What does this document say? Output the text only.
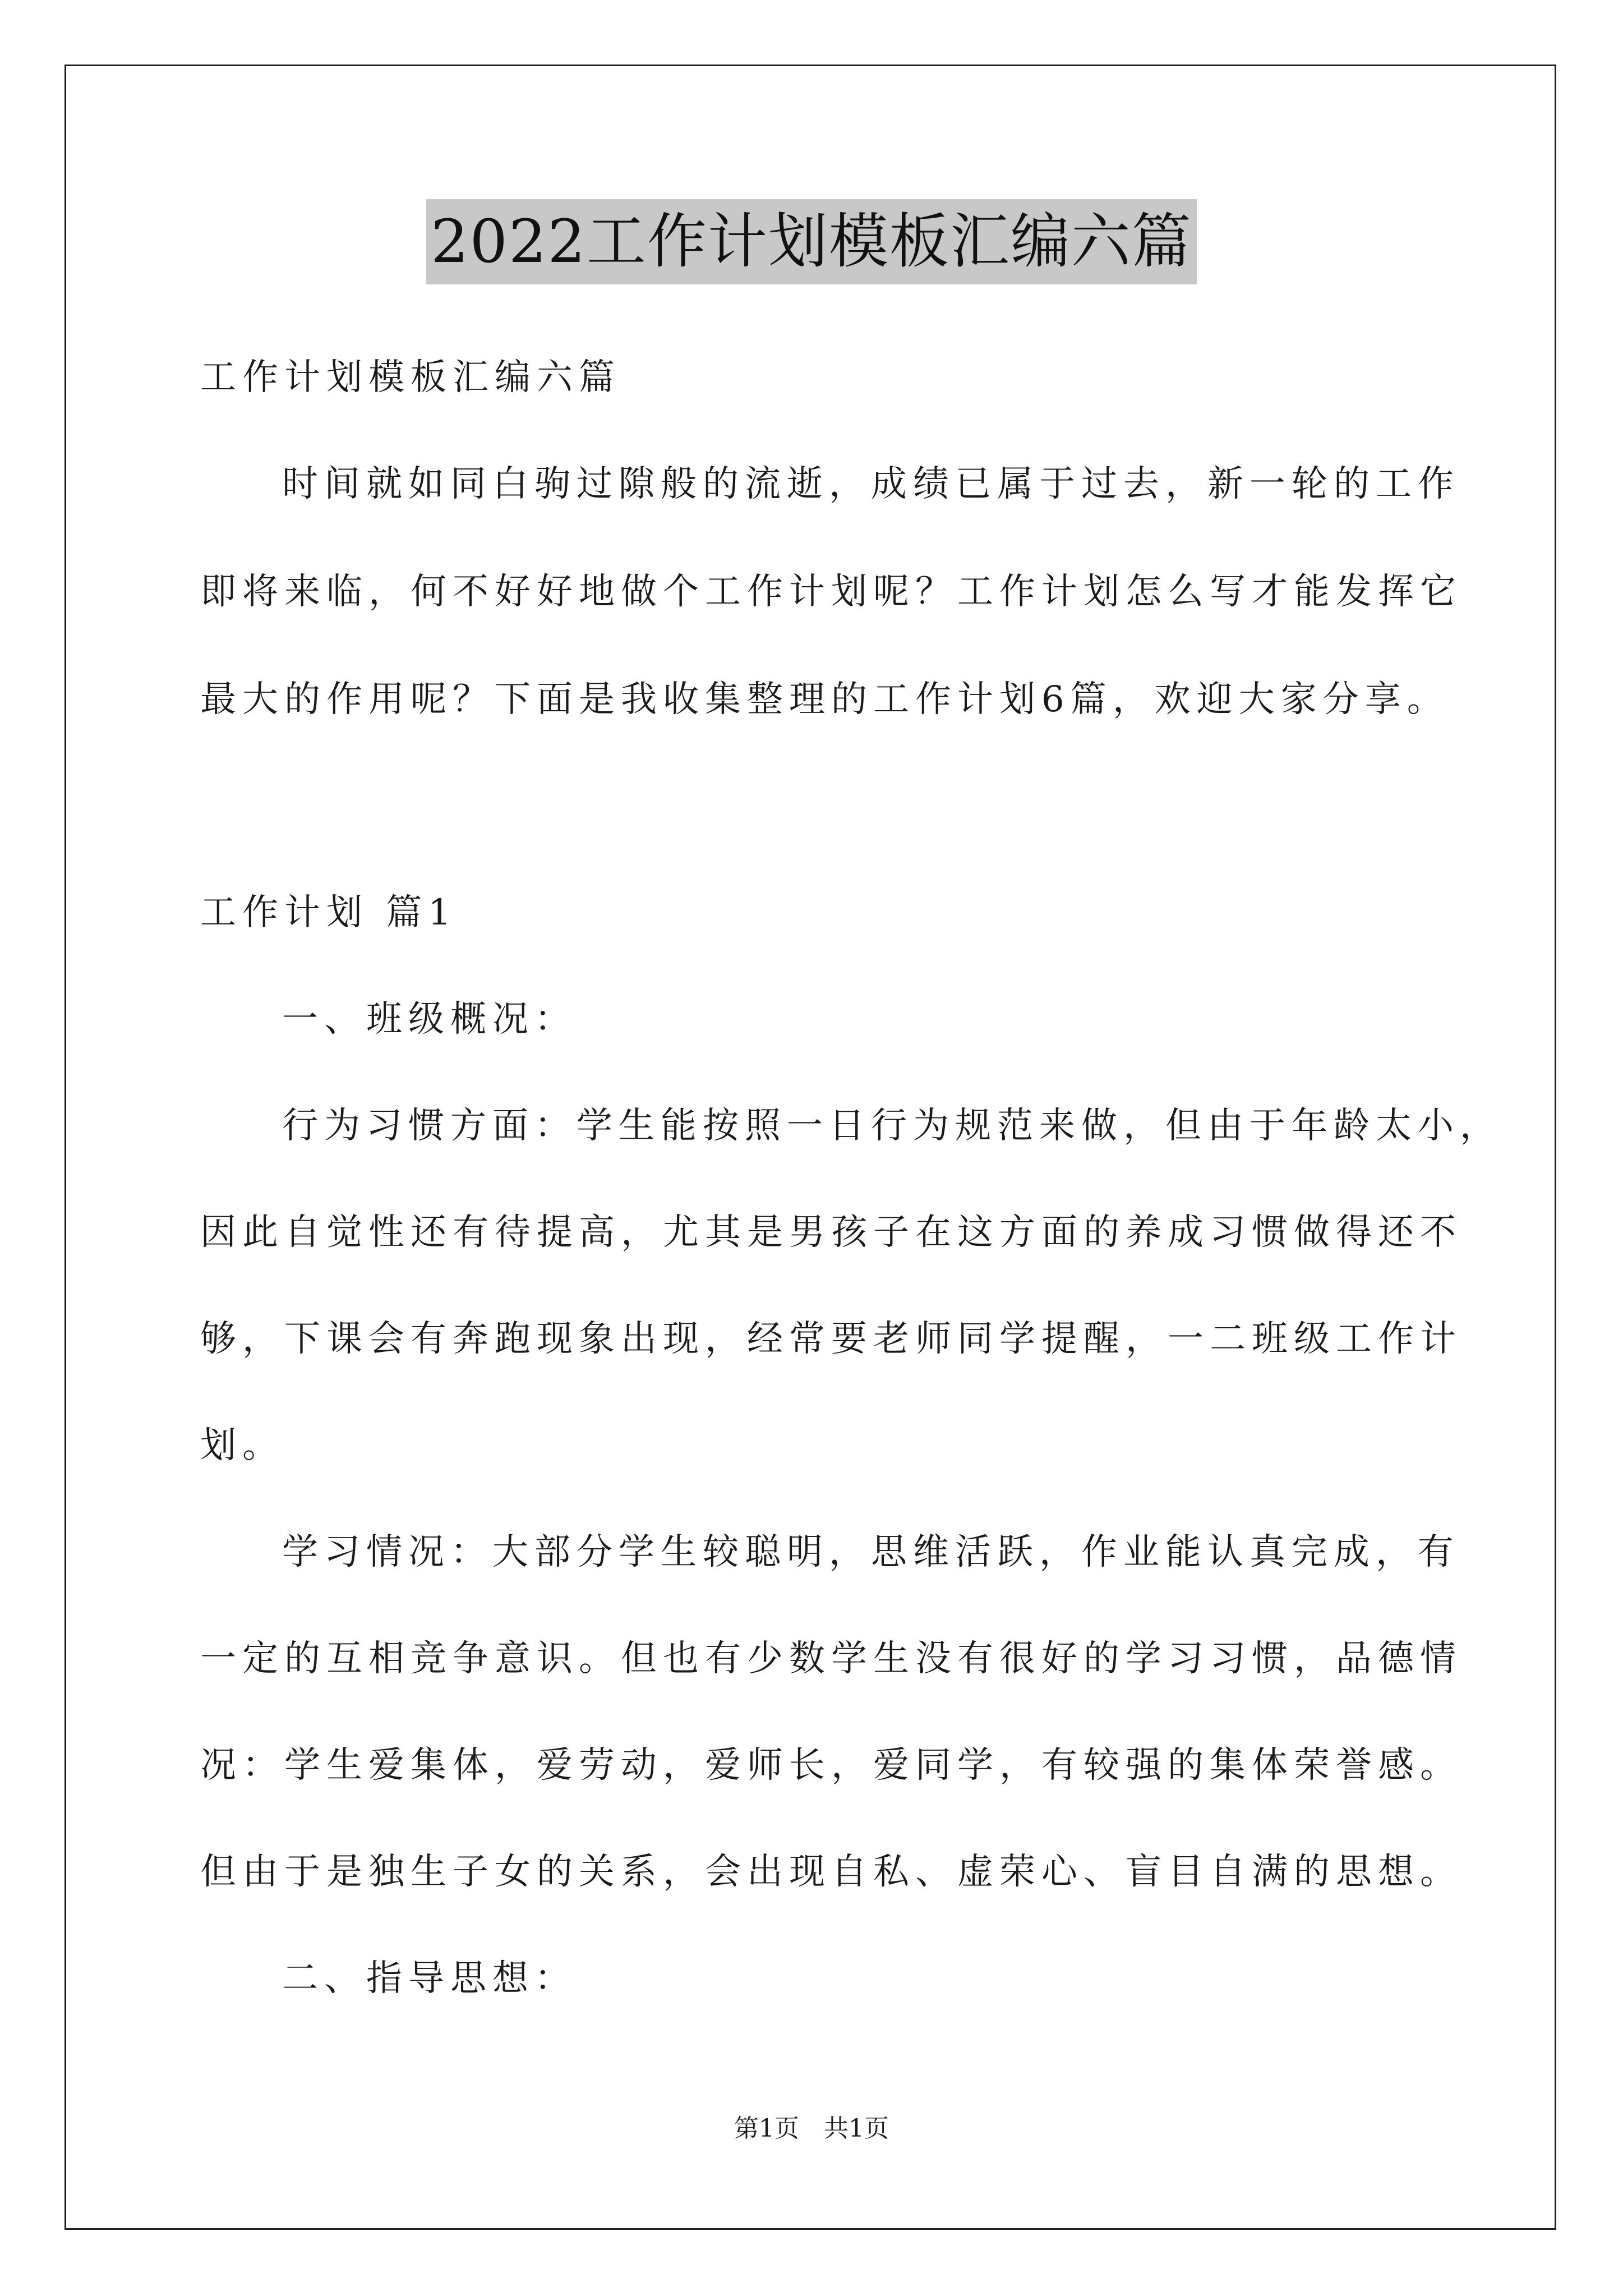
2022工作计划模板汇编六篇
工作计划模板汇编六篇
时间就如同白驹过隙般的流逝，成绩已属于过去，新一轮的工作
即将来临，何不好好地做个工作计划呢？工作计划怎么写才能发挥它
最大的作用呢？下面是我收集整理的工作计划6篇，欢迎大家分享。
工作计划 篇1
一、班级概况：
行为习惯方面：学生能按照一日行为规范来做，但由于年龄太小，
因此自觉性还有待提高，尤其是男孩子在这方面的养成习惯做得还不
够，下课会有奔跑现象出现，经常要老师同学提醒，一二班级工作计
划。
学习情况：大部分学生较聪明，思维活跃，作业能认真完成，有
一定的互相竞争意识。但也有少数学生没有很好的学习习惯，品德情
况：学生爱集体，爱劳动，爱师长，爱同学，有较强的集体荣誉感。
但由于是独生子女的关系，会出现自私、虚荣心、盲目自满的思想。
二、指导思想：
第1页　共1页
